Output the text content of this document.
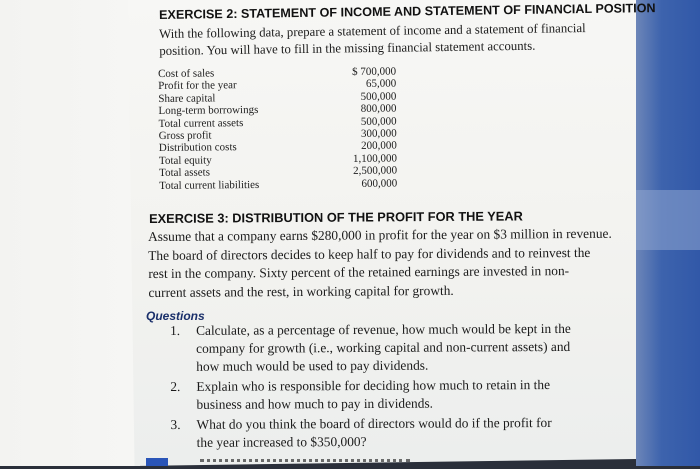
EXERCISE 2: STATEMENT OF INCOME AND STATEMENT OF FINANCIAL POSITION
With the following data, prepare a statement of income and a statement of financial
position. You will have to fill in the missing financial statement accounts.
Cost of sales	$ 700,000
Profit for the year	65,000
Share capital	500,000
Long-term borrowings	800,000
Total current assets	500,000
Gross profit	300,000
Distribution costs	200,000
Total equity	1,100,000
Total assets	2,500,000
Total current liabilities	600,000
EXERCISE 3: DISTRIBUTION OF THE PROFIT FOR THE YEAR
Assume that a company earns $280,000 in profit for the year on $3 million in revenue.
The board of directors decides to keep half to pay for dividends and to reinvest the
rest in the company. Sixty percent of the retained earnings are invested in non-
current assets and the rest, in working capital for growth.
Questions
1. Calculate, as a percentage of revenue, how much would be kept in the
company for growth (i.e., working capital and non-current assets) and
how much would be used to pay dividends.
2. Explain who is responsible for deciding how much to retain in the
business and how much to pay in dividends.
3. What do you think the board of directors would do if the profit for
the year increased to $350,000?
